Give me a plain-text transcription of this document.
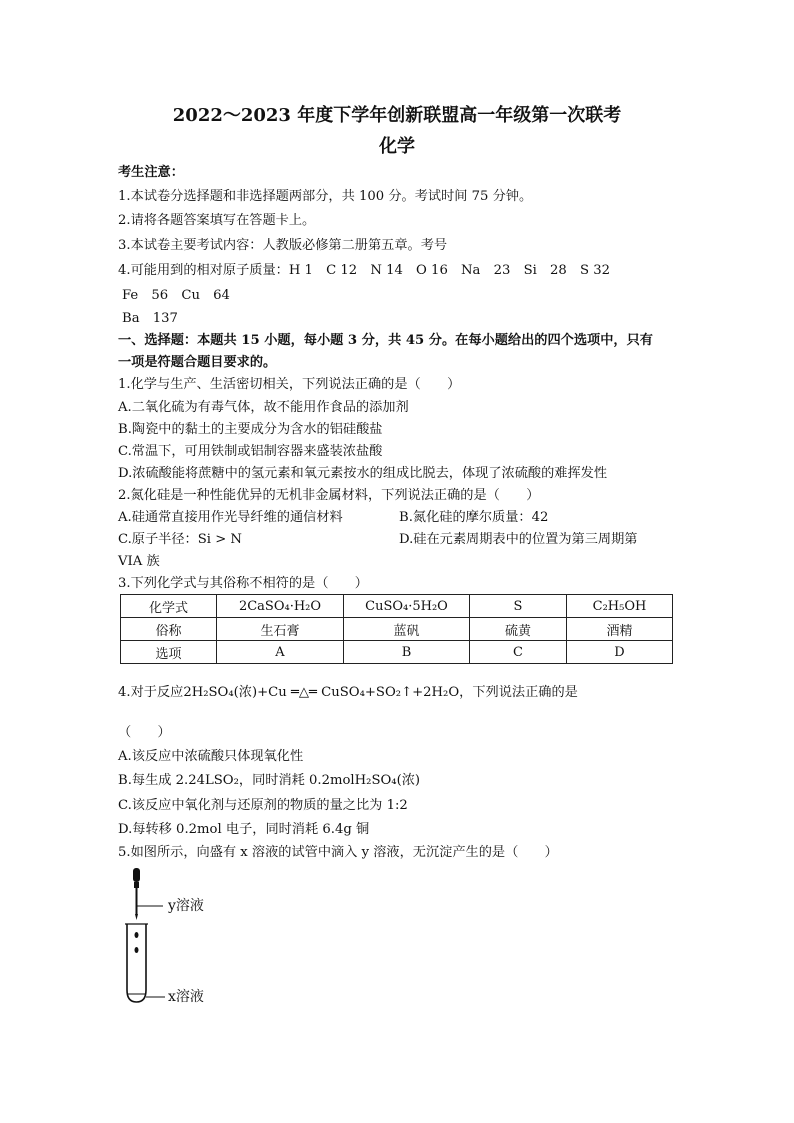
2022～2023 年度下学年创新联盟高一年级第一次联考
化学
考生注意：
1.本试卷分选择题和非选择题两部分，共 100 分。考试时间 75 分钟。
2.请将各题答案填写在答题卡上。
3.本试卷主要考试内容：人教版必修第二册第五章。考号
4.可能用到的相对原子质量：H 1　C 12　N 14　O 16　Na　23　Si　28　S 32
Fe　56　Cu　64
Ba　137
一、选择题：本题共 15 小题，每小题 3 分，共 45 分。在每小题给出的四个选项中，只有
一项是符题合题目要求的。
1.化学与生产、生活密切相关，下列说法正确的是（　　）
A.二氧化硫为有毒气体，故不能用作食品的添加剂
B.陶瓷中的黏土的主要成分为含水的铝硅酸盐
C.常温下，可用铁制或铝制容器来盛装浓盐酸
D.浓硫酸能将蔗糖中的氢元素和氧元素按水的组成比脱去，体现了浓硫酸的难挥发性
2.氮化硅是一种性能优异的无机非金属材料，下列说法正确的是（　　）
A.硅通常直接用作光导纤维的通信材料	B.氮化硅的摩尔质量：42
C.原子半径：Si > N	D.硅在元素周期表中的位置为第三周期第
VIA 族
3.下列化学式与其俗称不相符的是（　　）
化学式	2CaSO₄·H₂O	CuSO₄·5H₂O	S	C₂H₅OH
俗称	生石膏	蓝矾	硫黄	酒精
选项	A	B	C	D
4.对于反应2H₂SO₄(浓)+Cu ═△═ CuSO₄+SO₂↑+2H₂O，下列说法正确的是
（　　）
A.该反应中浓硫酸只体现氧化性
B.每生成 2.24LSO₂，同时消耗 0.2molH₂SO₄(浓)
C.该反应中氧化剂与还原剂的物质的量之比为 1:2
D.每转移 0.2mol 电子，同时消耗 6.4g 铜
5.如图所示，向盛有 x 溶液的试管中滴入 y 溶液，无沉淀产生的是（　　）
y溶液
x溶液
